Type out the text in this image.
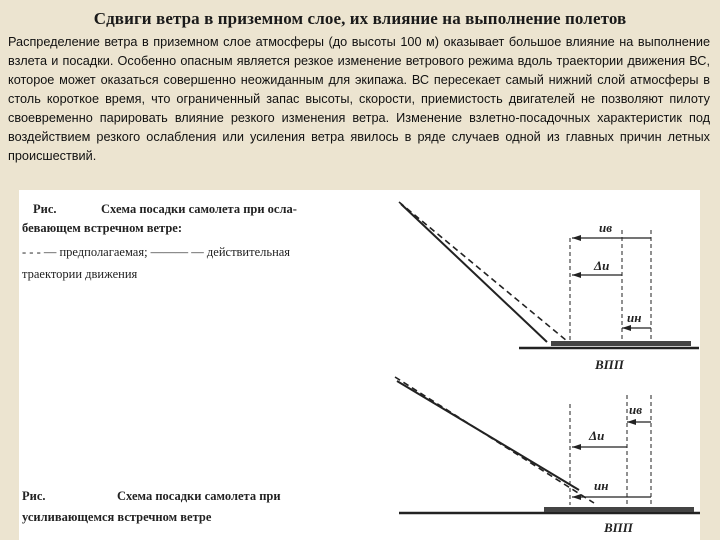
Сдвиги ветра в приземном слое, их влияние на выполнение полетов
Распределение ветра в приземном слое атмосферы (до высоты 100 м) оказывает большое влияние на выполнение взлета и посадки. Особенно опасным является резкое изменение ветрового режима вдоль траектории движения ВС, которое может оказаться совершенно неожиданным для экипажа. ВС пересекает самый нижний слой атмосферы в столь короткое время, что ограниченный запас высоты, скорости, приемистость двигателей не позволяют пилоту своевременно парировать влияние резкого изменения ветра. Изменение взлетно-посадочных характеристик под воздействием резкого ослабления или усиления ветра явилось в ряде случаев одной из главных причин летных происшествий.
Рис.	Схема посадки самолета при осла-
бевающем встречном ветре:
- - - — предполагаемая; ——— — действительная
траектории движения
uв
Δu
uн
ВПП
Рис.	Схема посадки самолета при
усиливающемся встречном ветре
uв
Δu
uн
ВПП
